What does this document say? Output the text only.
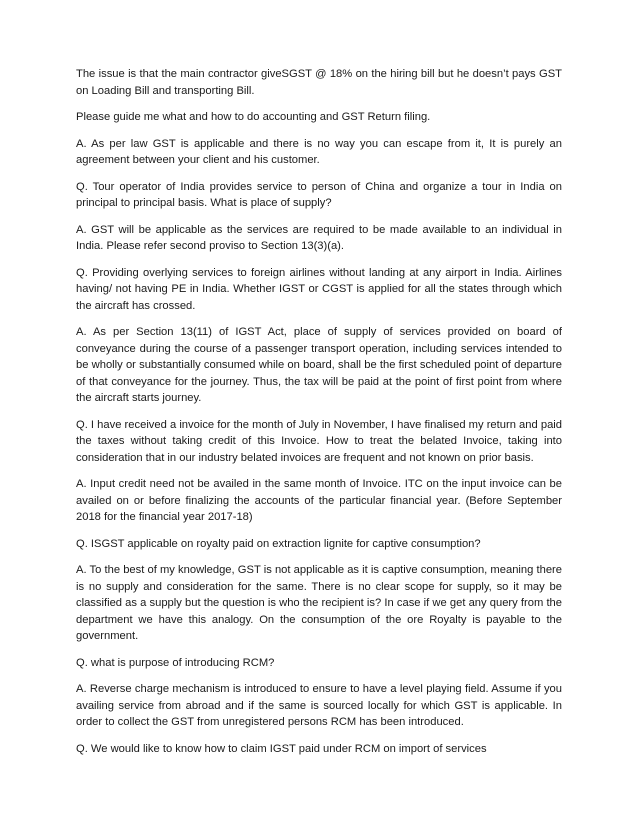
The issue is that the main contractor giveSGST @ 18% on the hiring bill but he doesn’t pays GST on Loading Bill and transporting Bill.

Please guide me what and how to do accounting and GST Return filing.

A. As per law GST is applicable and there is no way you can escape from it, It is purely an agreement between your client and his customer.

Q. Tour operator of India provides service to person of China and organize a tour in India on principal to principal basis. What is place of supply?

A. GST will be applicable as the services are required to be made available to an individual in India. Please refer second proviso to Section 13(3)(a).

Q. Providing overlying services to foreign airlines without landing at any airport in India. Airlines having/ not having PE in India. Whether IGST or CGST is applied for all the states through which the aircraft has crossed.

A. As per Section 13(11) of IGST Act, place of supply of services provided on board of conveyance during the course of a passenger transport operation, including services intended to be wholly or substantially consumed while on board, shall be the first scheduled point of departure of that conveyance for the journey. Thus, the tax will be paid at the point of first point from where the aircraft starts journey.

Q. I have received a invoice for the month of July in November, I have finalised my return and paid the taxes without taking credit of this Invoice. How to treat the belated Invoice, taking into consideration that in our industry belated invoices are frequent and not known on prior basis.

A. Input credit need not be availed in the same month of Invoice. ITC on the input invoice can be availed on or before finalizing the accounts of the particular financial year. (Before September 2018 for the financial year 2017-18)

Q. ISGST applicable on royalty paid on extraction lignite for captive consumption?

A. To the best of my knowledge, GST is not applicable as it is captive consumption, meaning there is no supply and consideration for the same. There is no clear scope for supply, so it may be classified as a supply but the question is who the recipient is? In case if we get any query from the department we have this analogy. On the consumption of the ore Royalty is payable to the government.

Q. what is purpose of introducing RCM?

A. Reverse charge mechanism is introduced to ensure to have a level playing field. Assume if you availing service from abroad and if the same is sourced locally for which GST is applicable. In order to collect the GST from unregistered persons RCM has been introduced.

Q. We would like to know how to claim IGST paid under RCM on import of services
